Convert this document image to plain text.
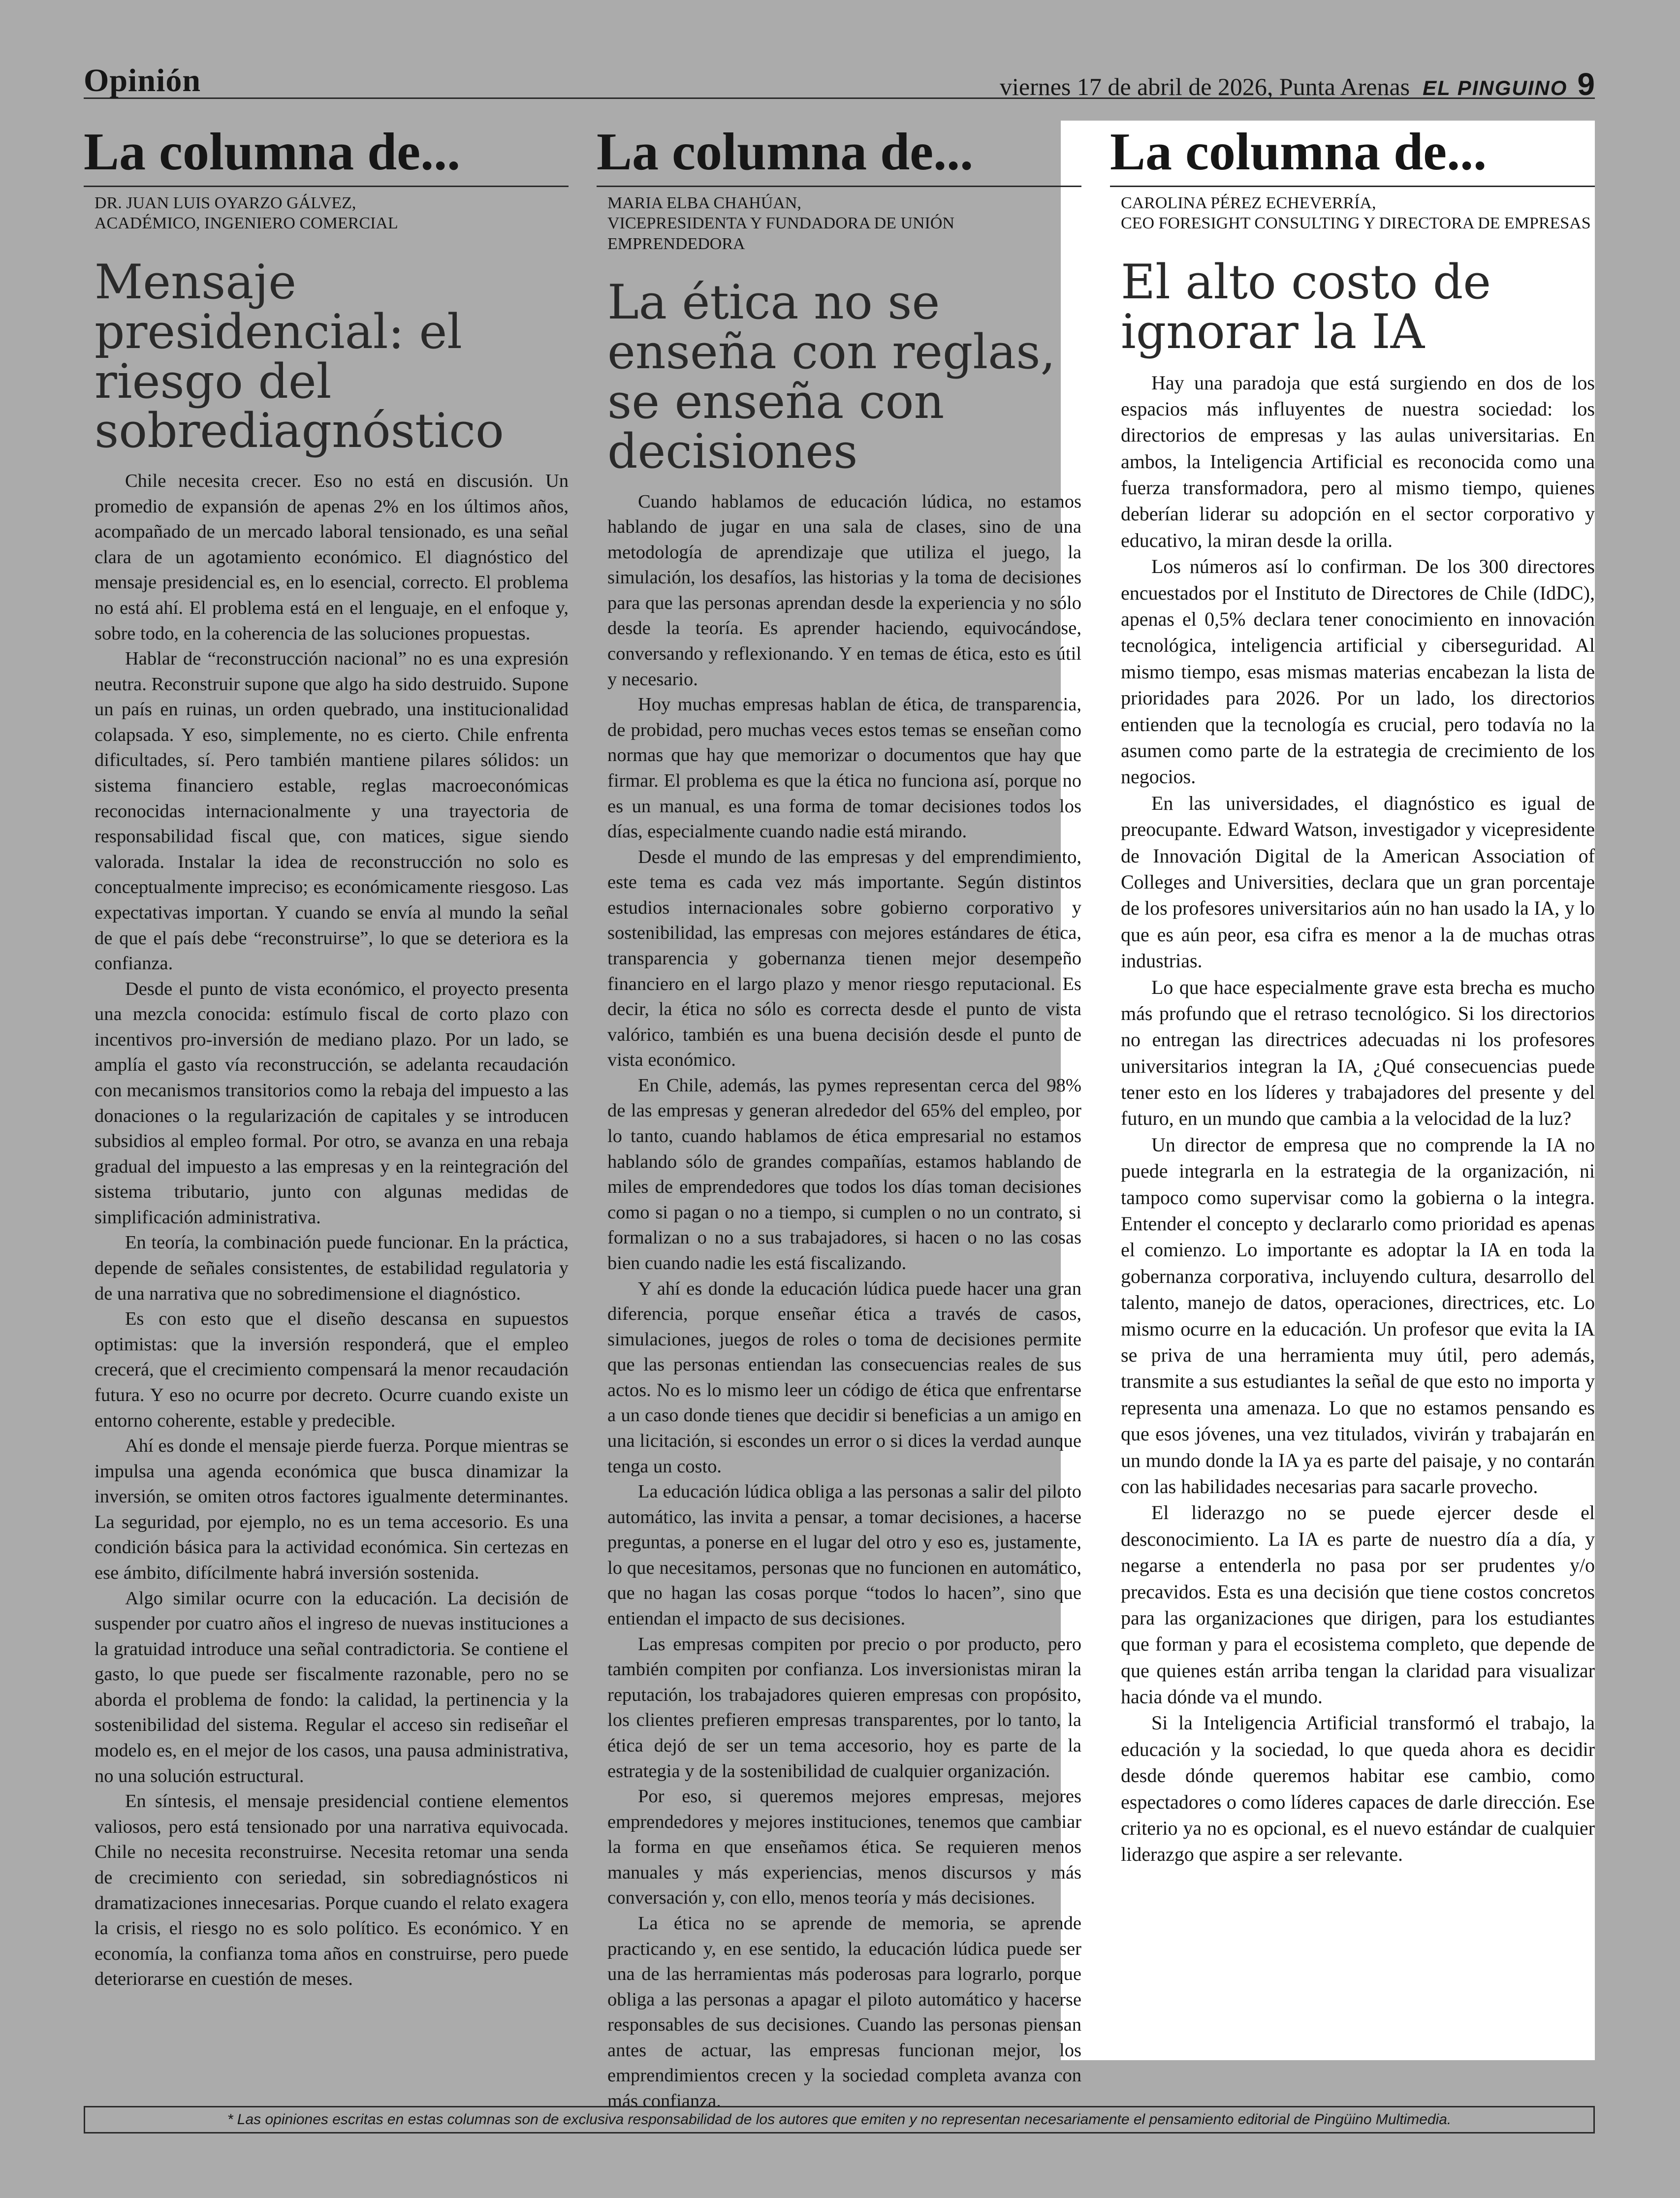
Opinión	viernes 17 de abril de 2026, Punta Arenas EL PINGUINO 9
La columna de...
DR. JUAN LUIS OYARZO GÁLVEZ,
ACADÉMICO, INGENIERO COMERCIAL
Mensaje presidencial: el riesgo del sobrediagnóstico

Chile necesita crecer. Eso no está en discusión. Un promedio de expansión de apenas 2% en los últimos años, acompañado de un mercado laboral tensionado, es una señal clara de un agotamiento económico. El diagnóstico del mensaje presidencial es, en lo esencial, correcto. El problema no está ahí. El problema está en el lenguaje, en el enfoque y, sobre todo, en la coherencia de las soluciones propuestas.

Hablar de “reconstrucción nacional” no es una expresión neutra. Reconstruir supone que algo ha sido destruido. Supone un país en ruinas, un orden quebrado, una institucionalidad colapsada. Y eso, simplemente, no es cierto. Chile enfrenta dificultades, sí. Pero también mantiene pilares sólidos: un sistema financiero estable, reglas macroeconómicas reconocidas internacionalmente y una trayectoria de responsabilidad fiscal que, con matices, sigue siendo valorada. Instalar la idea de reconstrucción no solo es conceptualmente impreciso; es económicamente riesgoso. Las expectativas importan. Y cuando se envía al mundo la señal de que el país debe “reconstruirse”, lo que se deteriora es la confianza.

Desde el punto de vista económico, el proyecto presenta una mezcla conocida: estímulo fiscal de corto plazo con incentivos pro-inversión de mediano plazo. Por un lado, se amplía el gasto vía reconstrucción, se adelanta recaudación con mecanismos transitorios como la rebaja del impuesto a las donaciones o la regularización de capitales y se introducen subsidios al empleo formal. Por otro, se avanza en una rebaja gradual del impuesto a las empresas y en la reintegración del sistema tributario, junto con algunas medidas de simplificación administrativa.

En teoría, la combinación puede funcionar. En la práctica, depende de señales consistentes, de estabilidad regulatoria y de una narrativa que no sobredimensione el diagnóstico.

Es con esto que el diseño descansa en supuestos optimistas: que la inversión responderá, que el empleo crecerá, que el crecimiento compensará la menor recaudación futura. Y eso no ocurre por decreto. Ocurre cuando existe un entorno coherente, estable y predecible.

Ahí es donde el mensaje pierde fuerza. Porque mientras se impulsa una agenda económica que busca dinamizar la inversión, se omiten otros factores igualmente determinantes. La seguridad, por ejemplo, no es un tema accesorio. Es una condición básica para la actividad económica. Sin certezas en ese ámbito, difícilmente habrá inversión sostenida.

Algo similar ocurre con la educación. La decisión de suspender por cuatro años el ingreso de nuevas instituciones a la gratuidad introduce una señal contradictoria. Se contiene el gasto, lo que puede ser fiscalmente razonable, pero no se aborda el problema de fondo: la calidad, la pertinencia y la sostenibilidad del sistema. Regular el acceso sin rediseñar el modelo es, en el mejor de los casos, una pausa administrativa, no una solución estructural.

En síntesis, el mensaje presidencial contiene elementos valiosos, pero está tensionado por una narrativa equivocada. Chile no necesita reconstruirse. Necesita retomar una senda de crecimiento con seriedad, sin sobrediagnósticos ni dramatizaciones innecesarias. Porque cuando el relato exagera la crisis, el riesgo no es solo político. Es económico. Y en economía, la confianza toma años en construirse, pero puede deteriorarse en cuestión de meses.

La columna de...
MARIA ELBA CHAHÚAN,
VICEPRESIDENTA Y FUNDADORA DE UNIÓN EMPRENDEDORA
La ética no se enseña con reglas, se enseña con decisiones

Cuando hablamos de educación lúdica, no estamos hablando de jugar en una sala de clases, sino de una metodología de aprendizaje que utiliza el juego, la simulación, los desafíos, las historias y la toma de decisiones para que las personas aprendan desde la experiencia y no sólo desde la teoría. Es aprender haciendo, equivocándose, conversando y reflexionando. Y en temas de ética, esto es útil y necesario.

Hoy muchas empresas hablan de ética, de transparencia, de probidad, pero muchas veces estos temas se enseñan como normas que hay que memorizar o documentos que hay que firmar. El problema es que la ética no funciona así, porque no es un manual, es una forma de tomar decisiones todos los días, especialmente cuando nadie está mirando.

Desde el mundo de las empresas y del emprendimiento, este tema es cada vez más importante. Según distintos estudios internacionales sobre gobierno corporativo y sostenibilidad, las empresas con mejores estándares de ética, transparencia y gobernanza tienen mejor desempeño financiero en el largo plazo y menor riesgo reputacional. Es decir, la ética no sólo es correcta desde el punto de vista valórico, también es una buena decisión desde el punto de vista económico.

En Chile, además, las pymes representan cerca del 98% de las empresas y generan alrededor del 65% del empleo, por lo tanto, cuando hablamos de ética empresarial no estamos hablando sólo de grandes compañías, estamos hablando de miles de emprendedores que todos los días toman decisiones como si pagan o no a tiempo, si cumplen o no un contrato, si formalizan o no a sus trabajadores, si hacen o no las cosas bien cuando nadie les está fiscalizando.

Y ahí es donde la educación lúdica puede hacer una gran diferencia, porque enseñar ética a través de casos, simulaciones, juegos de roles o toma de decisiones permite que las personas entiendan las consecuencias reales de sus actos. No es lo mismo leer un código de ética que enfrentarse a un caso donde tienes que decidir si beneficias a un amigo en una licitación, si escondes un error o si dices la verdad aunque tenga un costo.

La educación lúdica obliga a las personas a salir del piloto automático, las invita a pensar, a tomar decisiones, a hacerse preguntas, a ponerse en el lugar del otro y eso es, justamente, lo que necesitamos, personas que no funcionen en automático, que no hagan las cosas porque “todos lo hacen”, sino que entiendan el impacto de sus decisiones.

Las empresas compiten por precio o por producto, pero también compiten por confianza. Los inversionistas miran la reputación, los trabajadores quieren empresas con propósito, los clientes prefieren empresas transparentes, por lo tanto, la ética dejó de ser un tema accesorio, hoy es parte de la estrategia y de la sostenibilidad de cualquier organización.

Por eso, si queremos mejores empresas, mejores emprendedores y mejores instituciones, tenemos que cambiar la forma en que enseñamos ética. Se requieren menos manuales y más experiencias, menos discursos y más conversación y, con ello, menos teoría y más decisiones.

La ética no se aprende de memoria, se aprende practicando y, en ese sentido, la educación lúdica puede ser una de las herramientas más poderosas para lograrlo, porque obliga a las personas a apagar el piloto automático y hacerse responsables de sus decisiones. Cuando las personas piensan antes de actuar, las empresas funcionan mejor, los emprendimientos crecen y la sociedad completa avanza con más confianza.

La columna de...
CAROLINA PÉREZ ECHEVERRÍA,
CEO FORESIGHT CONSULTING Y DIRECTORA DE EMPRESAS
El alto costo de ignorar la IA

Hay una paradoja que está surgiendo en dos de los espacios más influyentes de nuestra sociedad: los directorios de empresas y las aulas universitarias. En ambos, la Inteligencia Artificial es reconocida como una fuerza transformadora, pero al mismo tiempo, quienes deberían liderar su adopción en el sector corporativo y educativo, la miran desde la orilla.

Los números así lo confirman. De los 300 directores encuestados por el Instituto de Directores de Chile (IdDC), apenas el 0,5% declara tener conocimiento en innovación tecnológica, inteligencia artificial y ciberseguridad. Al mismo tiempo, esas mismas materias encabezan la lista de prioridades para 2026. Por un lado, los directorios entienden que la tecnología es crucial, pero todavía no la asumen como parte de la estrategia de crecimiento de los negocios.

En las universidades, el diagnóstico es igual de preocupante. Edward Watson, investigador y vicepresidente de Innovación Digital de la American Association of Colleges and Universities, declara que un gran porcentaje de los profesores universitarios aún no han usado la IA, y lo que es aún peor, esa cifra es menor a la de muchas otras industrias.

Lo que hace especialmente grave esta brecha es mucho más profundo que el retraso tecnológico. Si los directorios no entregan las directrices adecuadas ni los profesores universitarios integran la IA, ¿Qué consecuencias puede tener esto en los líderes y trabajadores del presente y del futuro, en un mundo que cambia a la velocidad de la luz?

Un director de empresa que no comprende la IA no puede integrarla en la estrategia de la organización, ni tampoco como supervisar como la gobierna o la integra. Entender el concepto y declararlo como prioridad es apenas el comienzo. Lo importante es adoptar la IA en toda la gobernanza corporativa, incluyendo cultura, desarrollo del talento, manejo de datos, operaciones, directrices, etc. Lo mismo ocurre en la educación. Un profesor que evita la IA se priva de una herramienta muy útil, pero además, transmite a sus estudiantes la señal de que esto no importa y representa una amenaza. Lo que no estamos pensando es que esos jóvenes, una vez titulados, vivirán y trabajarán en un mundo donde la IA ya es parte del paisaje, y no contarán con las habilidades necesarias para sacarle provecho.

El liderazgo no se puede ejercer desde el desconocimiento. La IA es parte de nuestro día a día, y negarse a entenderla no pasa por ser prudentes y/o precavidos. Esta es una decisión que tiene costos concretos para las organizaciones que dirigen, para los estudiantes que forman y para el ecosistema completo, que depende de que quienes están arriba tengan la claridad para visualizar hacia dónde va el mundo.

Si la Inteligencia Artificial transformó el trabajo, la educación y la sociedad, lo que queda ahora es decidir desde dónde queremos habitar ese cambio, como espectadores o como líderes capaces de darle dirección. Ese criterio ya no es opcional, es el nuevo estándar de cualquier liderazgo que aspire a ser relevante.

* Las opiniones escritas en estas columnas son de exclusiva responsabilidad de los autores que emiten y no representan necesariamente el pensamiento editorial de Pingüino Multimedia.
